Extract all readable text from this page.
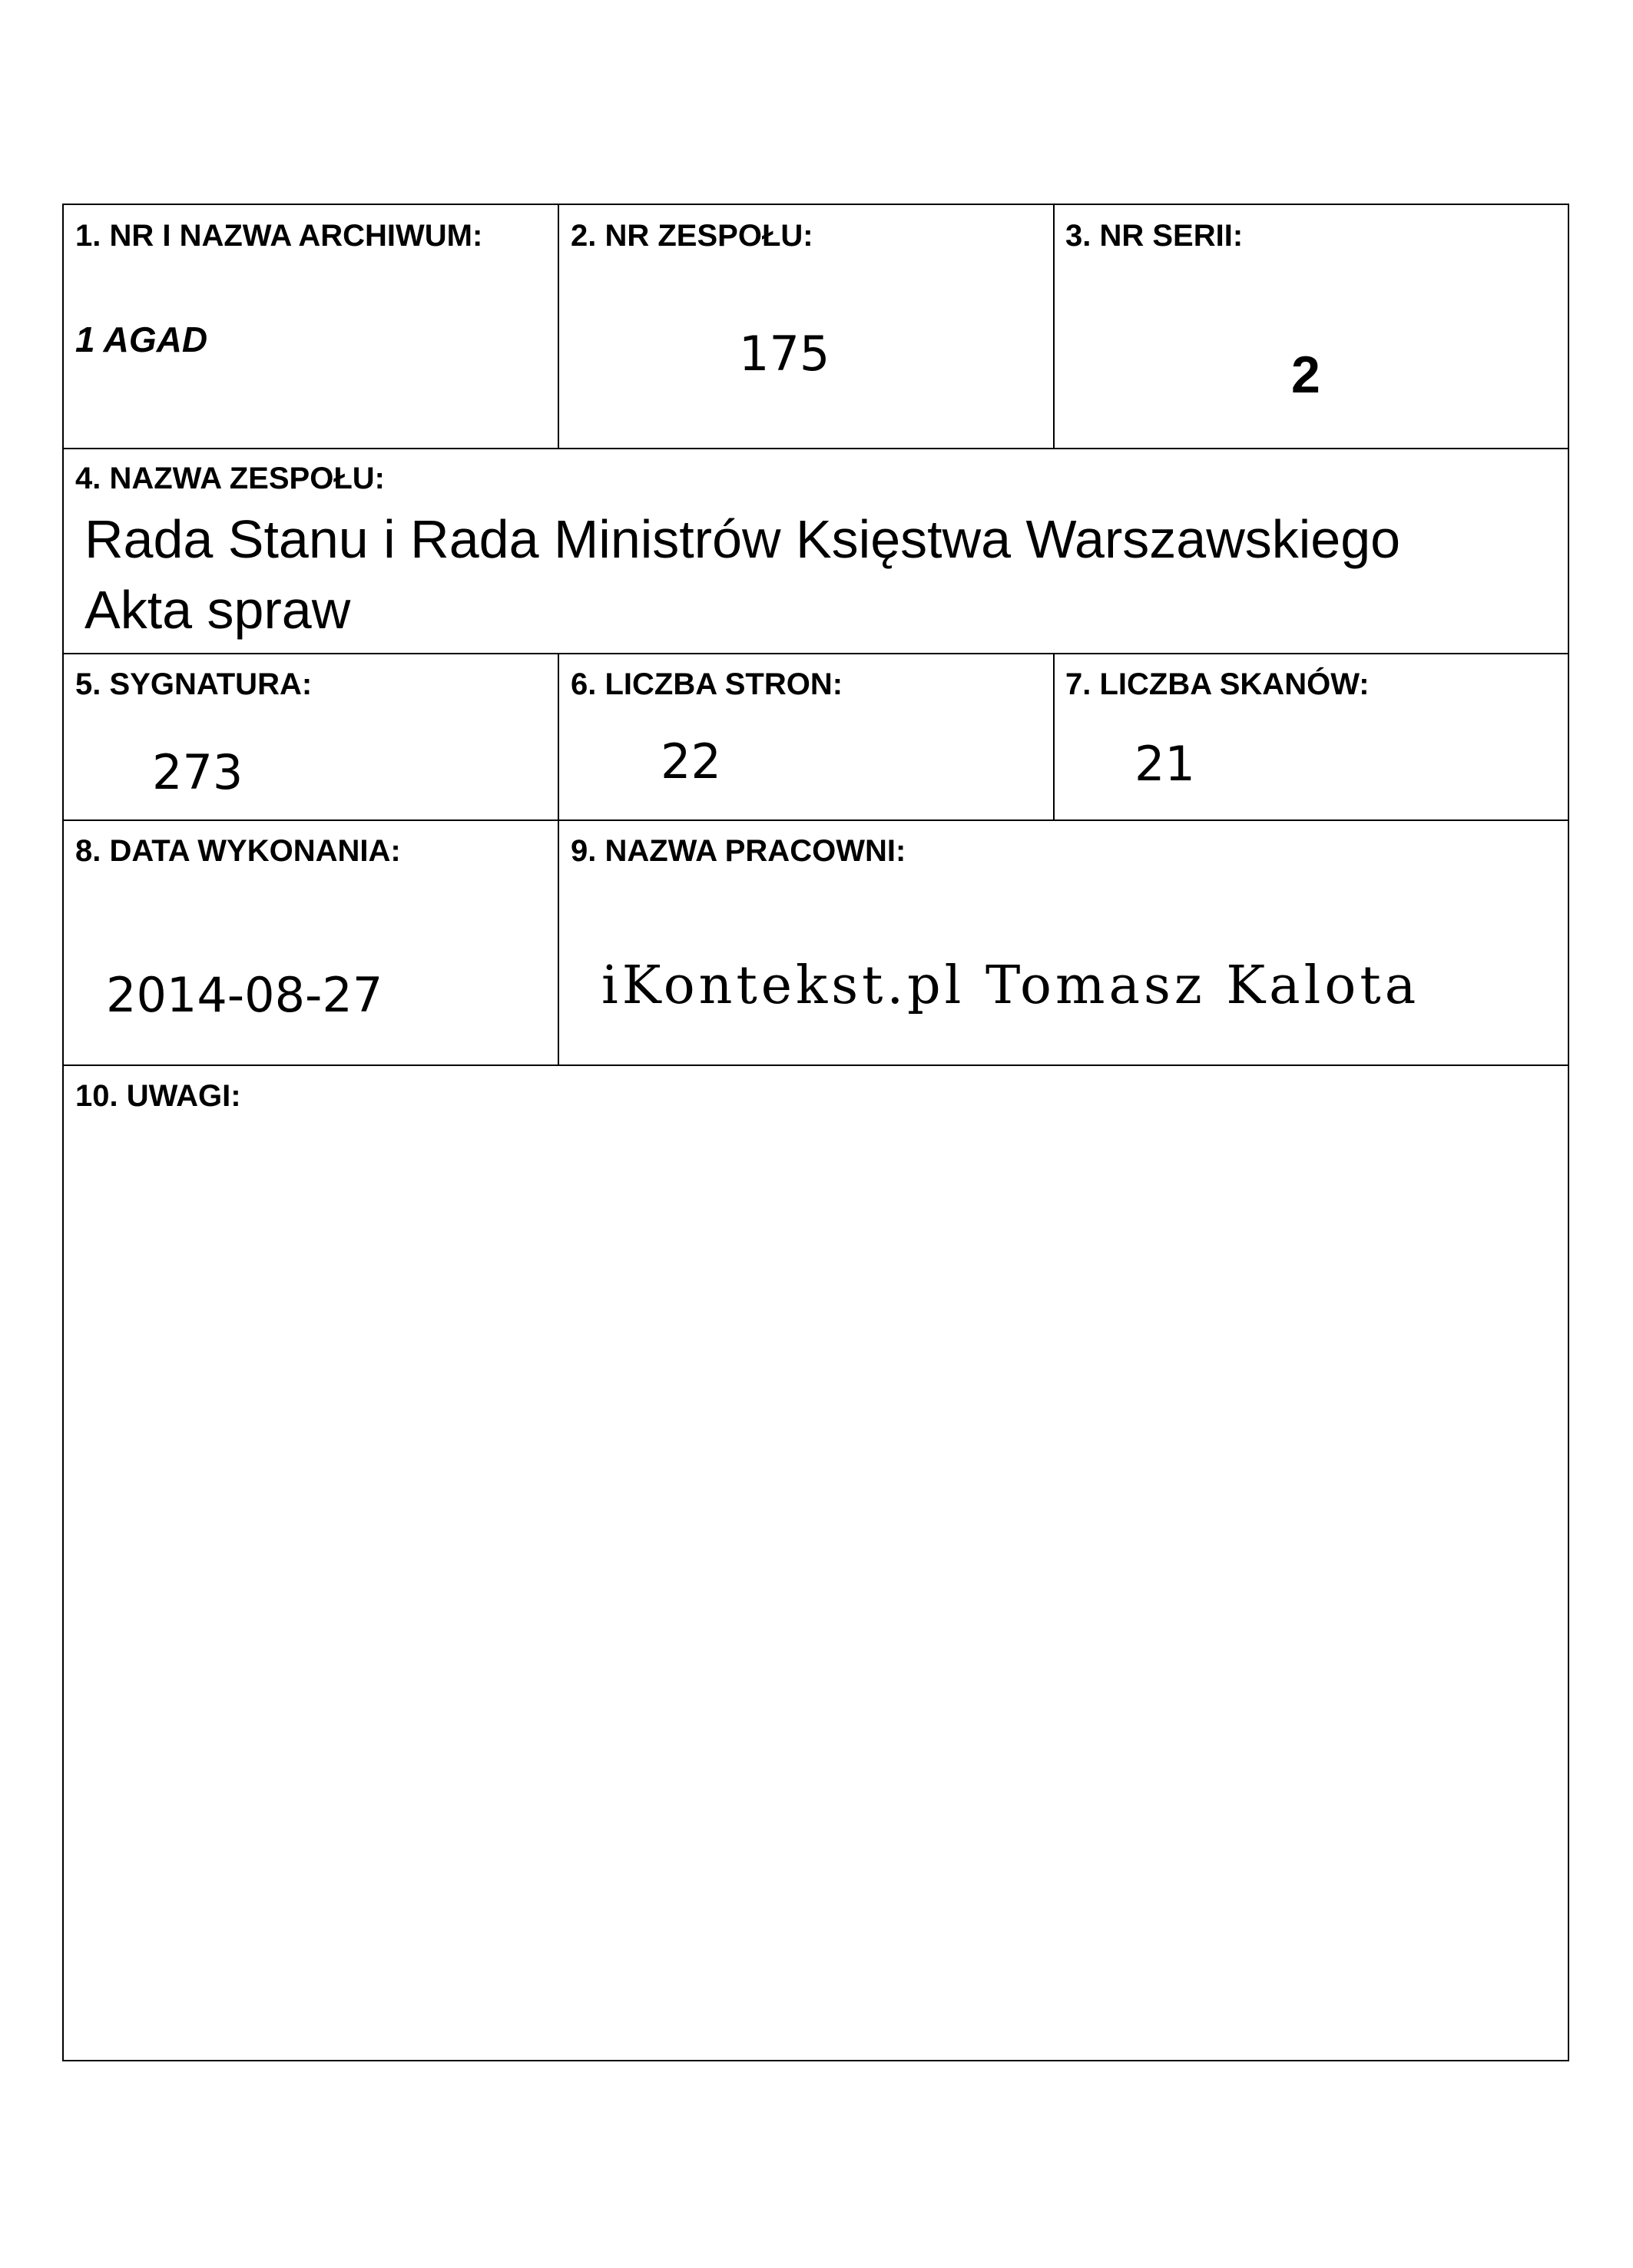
1. NR I NAZWA ARCHIWUM:
1 AGAD
2. NR ZESPOŁU:
175
3. NR SERII:
2
4. NAZWA ZESPOŁU:
Rada Stanu i Rada Ministrów Księstwa Warszawskiego
Akta spraw
5. SYGNATURA:
273
6. LICZBA STRON:
22
7. LICZBA SKANÓW:
21
8. DATA WYKONANIA:
2014-08-27
9. NAZWA PRACOWNI:
iKontekst.pl Tomasz Kalota
10. UWAGI:
